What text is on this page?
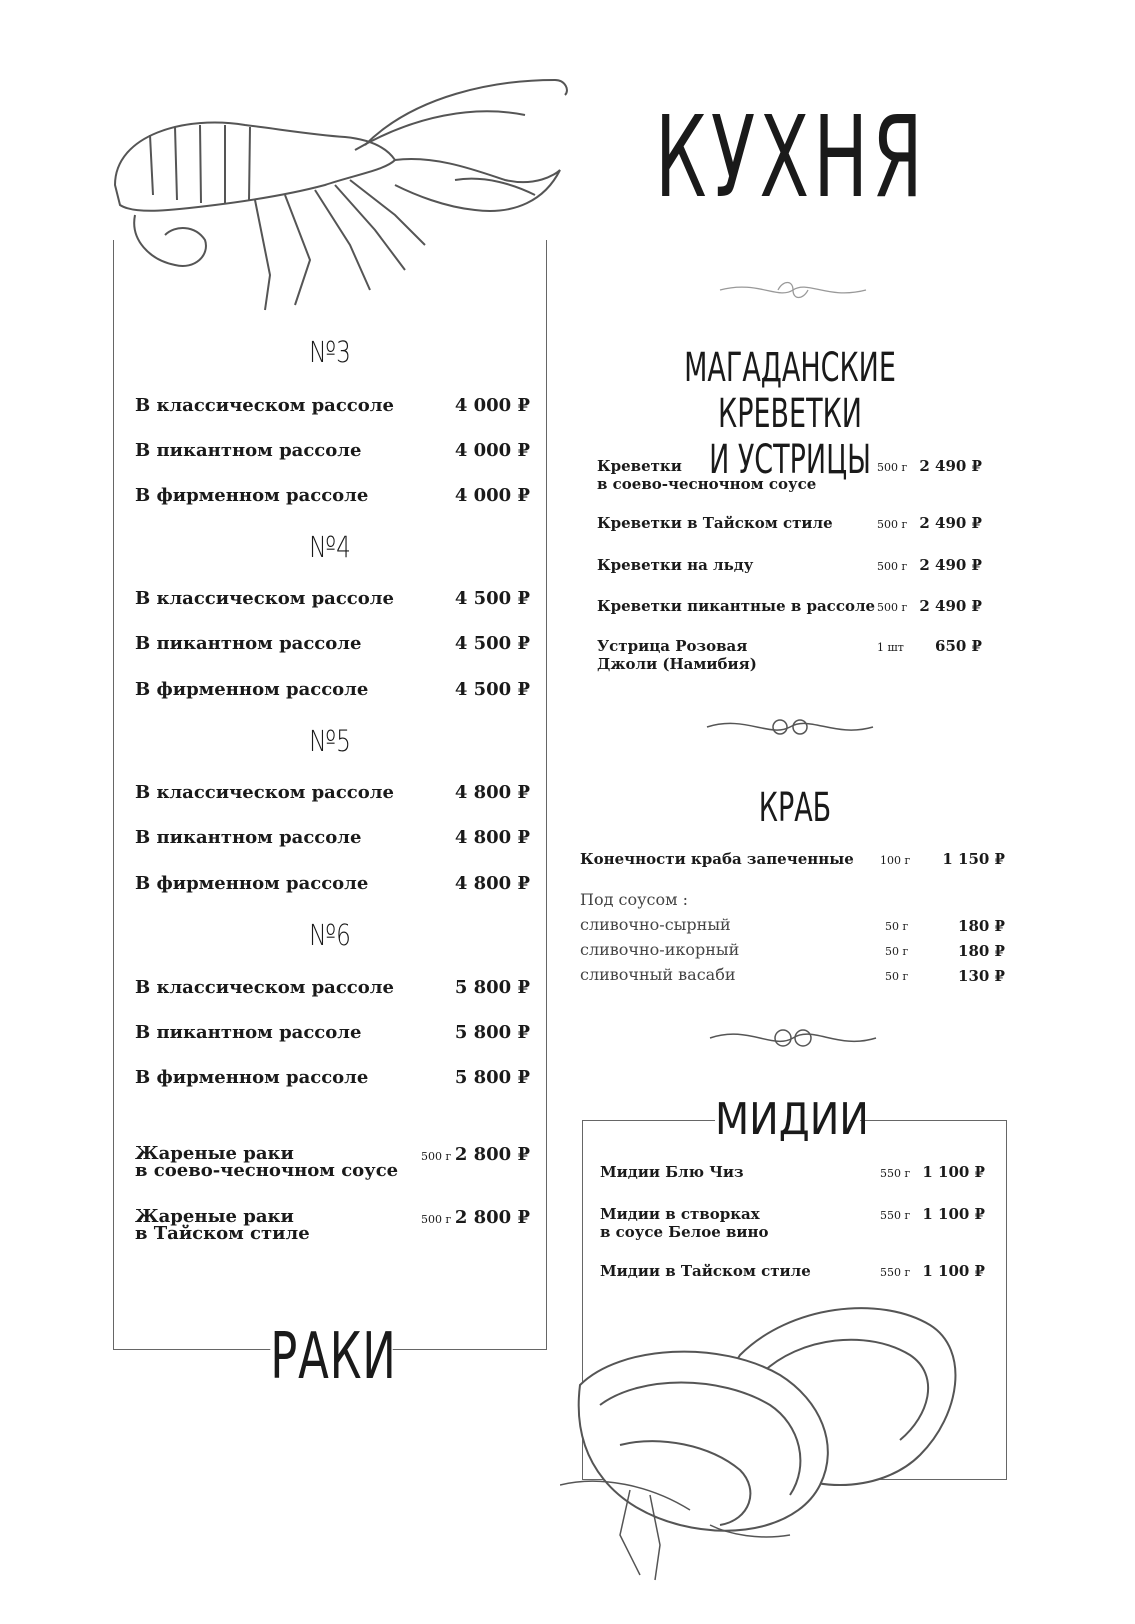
РАКИ
№3
В классическом рассоле	4 000 ₽
В пикантном рассоле	4 000 ₽
В фирменном рассоле	4 000 ₽
№4
В классическом рассоле	4 500 ₽
В пикантном рассоле	4 500 ₽
В фирменном рассоле	4 500 ₽
№5
В классическом рассоле	4 800 ₽
В пикантном рассоле	4 800 ₽
В фирменном рассоле	4 800 ₽
№6
В классическом рассоле	5 800 ₽
В пикантном рассоле	5 800 ₽
В фирменном рассоле	5 800 ₽
Жареные раки
в соево-чесночном соусе
500 г 2 800 ₽
Жареные раки
в Тайском стиле
500 г 2 800 ₽
КУХНЯ
МАГАДАНСКИЕ КРЕВЕТКИ
И УСТРИЦЫ
Креветки
в соево-чесночном соусе
500 г 2 490 ₽
Креветки в Тайском стиле	500 г 2 490 ₽
Креветки на льду	500 г 2 490 ₽
Креветки пикантные в рассоле 500 г 2 490 ₽
Устрица Розовая
Джоли (Намибия)
1 шт 650 ₽
КРАБ
Конечности краба запеченные 100 г 1 150 ₽
Под соусом :
сливочно-сырный	50 г	180 ₽
сливочно-икорный	50 г	180 ₽
сливочный васаби	50 г	130 ₽
МИДИИ
Мидии Блю Чиз	550 г 1 100 ₽
Мидии в створках
в соусе Белое вино
550 г 1 100 ₽
Мидии в Тайском стиле	550 г 1 100 ₽
